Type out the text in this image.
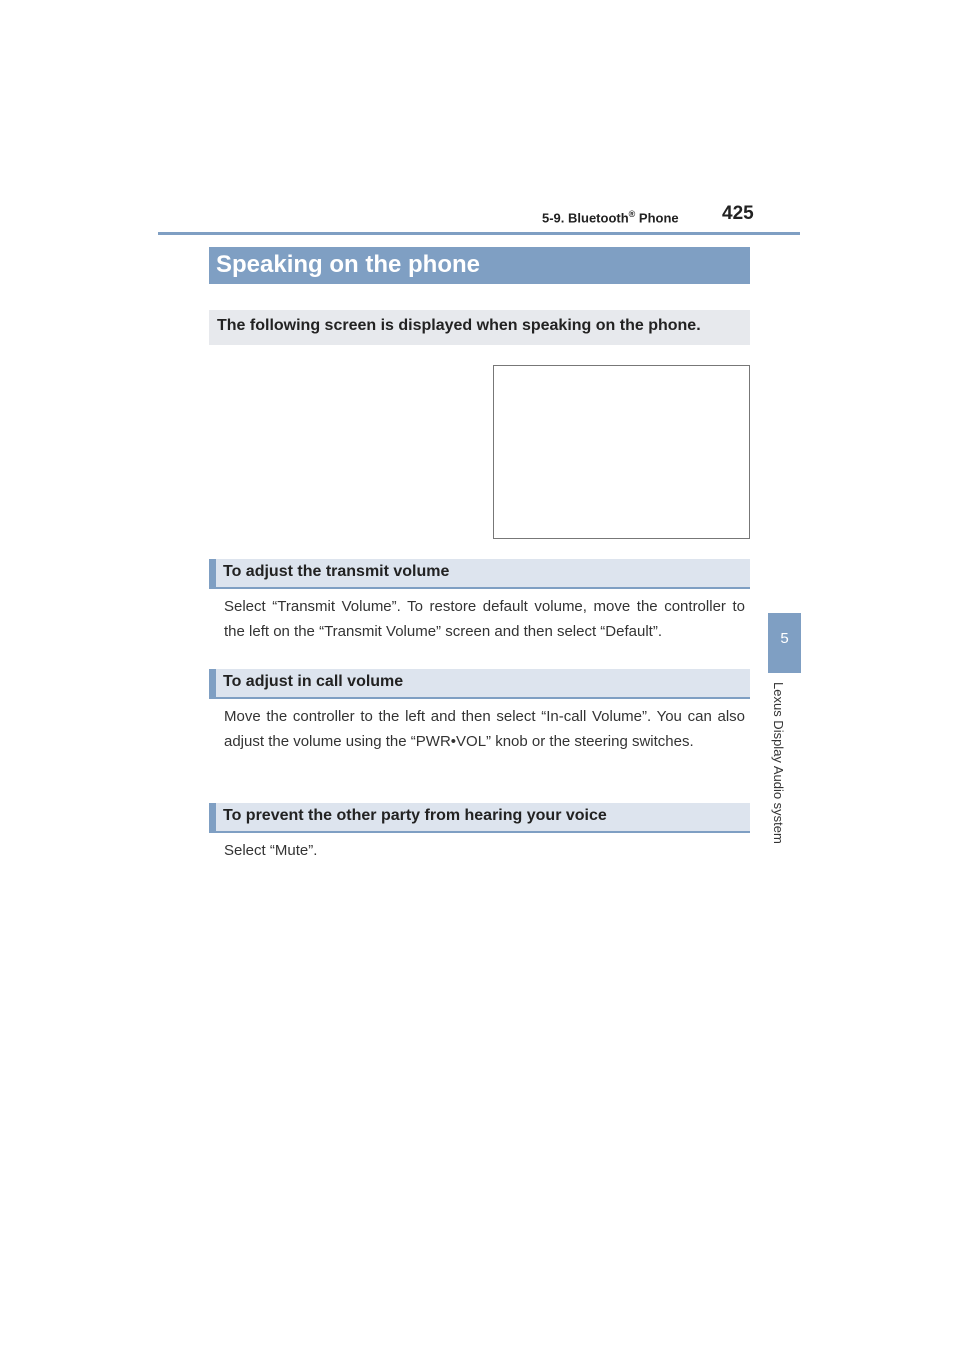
5-9. Bluetooth® Phone 425
5
Lexus Display Audio system
Speaking on the phone
The following screen is displayed when speaking on the phone.
To adjust the transmit volume
Select “Transmit Volume”. To restore default volume, move the controller to the left on the “Transmit Volume” screen and then select “Default”.
To adjust in call volume
Move the controller to the left and then select “In-call Volume”. You can also adjust the volume using the “PWR•VOL” knob or the steering switches.
To prevent the other party from hearing your voice
Select “Mute”.
